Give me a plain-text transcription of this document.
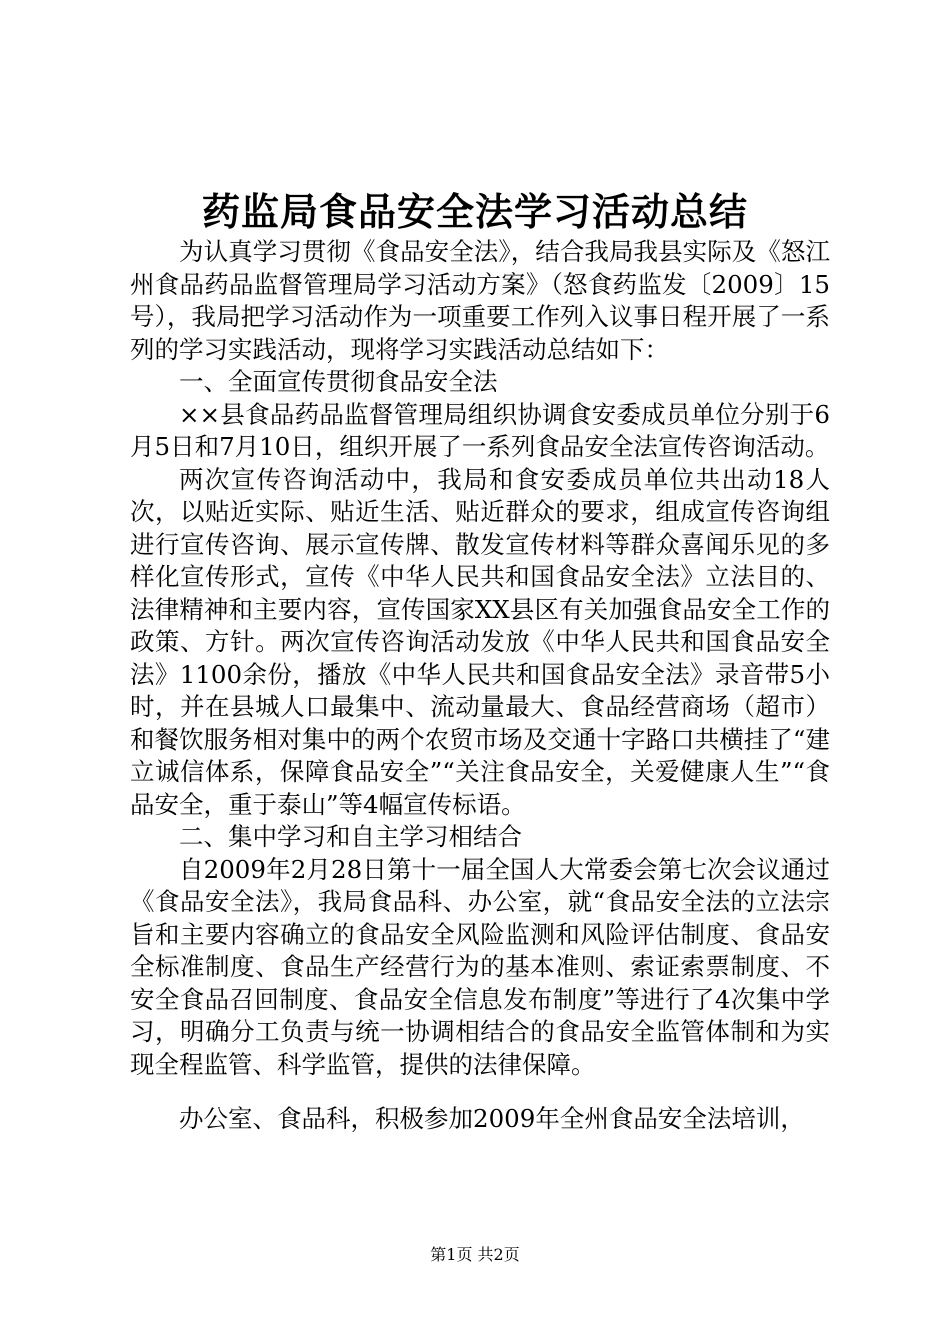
药监局食品安全法学习活动总结

为认真学习贯彻《食品安全法》，结合我局我县实际及《怒江州食品药品监督管理局学习活动方案》（怒食药监发〔2009〕15号），我局把学习活动作为一项重要工作列入议事日程开展了一系列的学习实践活动，现将学习实践活动总结如下：

一、全面宣传贯彻食品安全法

××县食品药品监督管理局组织协调食安委成员单位分别于6月5日和7月10日，组织开展了一系列食品安全法宣传咨询活动。

两次宣传咨询活动中，我局和食安委成员单位共出动18人次，以贴近实际、贴近生活、贴近群众的要求，组成宣传咨询组进行宣传咨询、展示宣传牌、散发宣传材料等群众喜闻乐见的多样化宣传形式，宣传《中华人民共和国食品安全法》立法目的、法律精神和主要内容，宣传国家XX县区有关加强食品安全工作的政策、方针。两次宣传咨询活动发放《中华人民共和国食品安全法》1100余份，播放《中华人民共和国食品安全法》录音带5小时，并在县城人口最集中、流动量最大、食品经营商场（超市）和餐饮服务相对集中的两个农贸市场及交通十字路口共横挂了“建立诚信体系，保障食品安全”“关注食品安全，关爱健康人生”“食品安全，重于泰山”等4幅宣传标语。

二、集中学习和自主学习相结合

自2009年2月28日第十一届全国人大常委会第七次会议通过《食品安全法》，我局食品科、办公室，就“食品安全法的立法宗旨和主要内容确立的食品安全风险监测和风险评估制度、食品安全标准制度、食品生产经营行为的基本准则、索证索票制度、不安全食品召回制度、食品安全信息发布制度”等进行了4次集中学习，明确分工负责与统一协调相结合的食品安全监管体制和为实现全程监管、科学监管，提供的法律保障。

办公室、食品科，积极参加2009年全州食品安全法培训，

第1页 共2页
